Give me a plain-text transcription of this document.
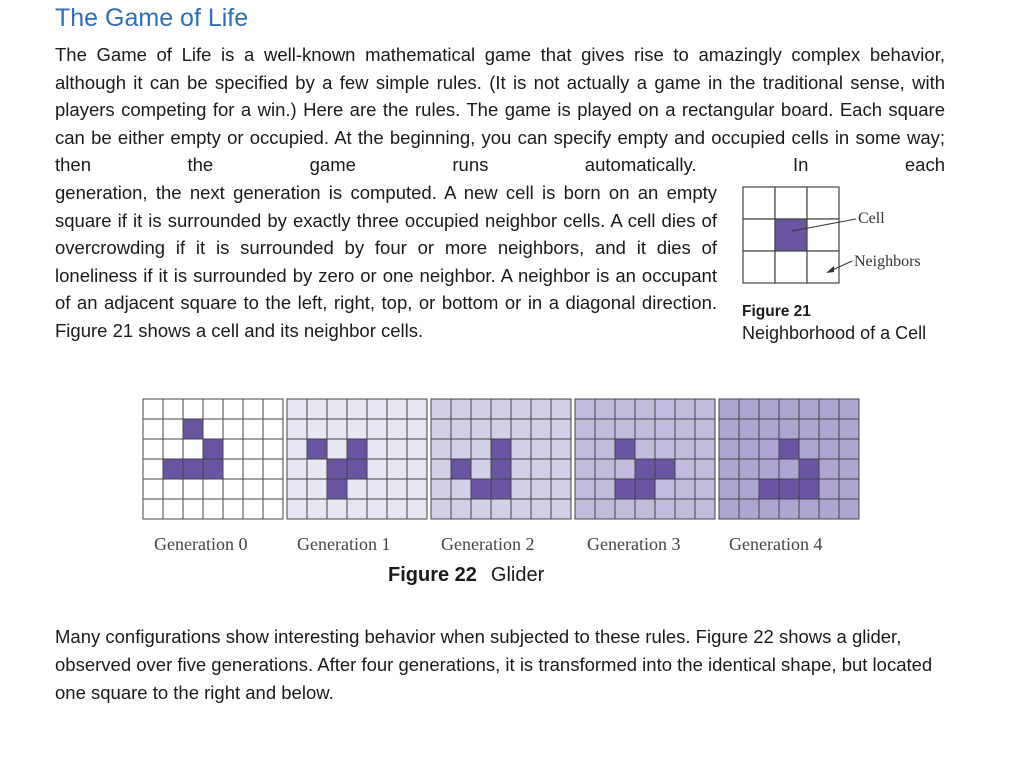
The Game of Life
The Game of Life is a well-known mathematical game that gives rise to amazingly complex behavior, although it can be specified by a few simple rules. (It is not actually a game in the traditional sense, with players competing for a win.) Here are the rules. The game is played on a rectangular board. Each square can be either empty or occupied. At the beginning, you can specify empty and occupied cells in some way; then the game runs automatically. In each
generation, the next generation is computed. A new cell is born on an empty square if it is surrounded by exactly three occupied neighbor cells. A cell dies of overcrowding if it is surrounded by four or more neighbors, and it dies of loneliness if it is surrounded by zero or one neighbor. A neighbor is an occupant of an adjacent square to the left, right, top, or bottom or in a diagonal direction. Figure 21 shows a cell and its neighbor cells.
Cell
Neighbors
Figure 21
Neighborhood of a Cell
Generation 0	Generation 1	Generation 2	Generation 3	Generation 4
Figure 22 Glider
Many configurations show interesting behavior when subjected to these rules. Figure 22 shows a glider, observed over five generations. After four generations, it is transformed into the identical shape, but located one square to the right and below.
